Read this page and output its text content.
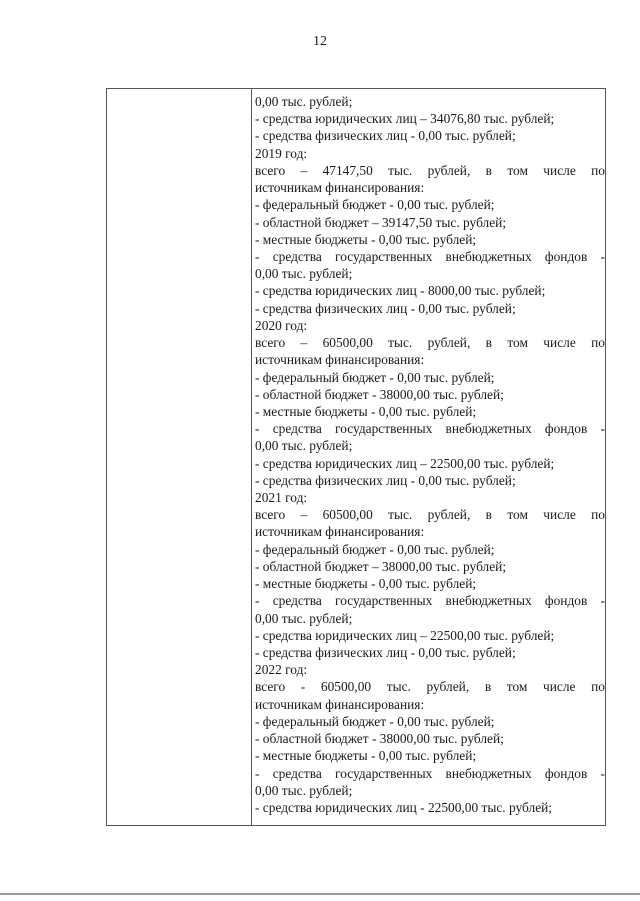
12
0,00 тыс. рублей;
- средства юридических лиц – 34076,80 тыс. рублей;
- средства физических лиц - 0,00 тыс. рублей;
2019 год:
всего – 47147,50 тыс. рублей, в том числе по
источникам финансирования:
- федеральный бюджет - 0,00 тыс. рублей;
- областной бюджет – 39147,50 тыс. рублей;
- местные бюджеты - 0,00 тыс. рублей;
- средства государственных внебюджетных фондов -
0,00 тыс. рублей;
- средства юридических лиц - 8000,00 тыс. рублей;
- средства физических лиц - 0,00 тыс. рублей;
2020 год:
всего – 60500,00 тыс. рублей, в том числе по
источникам финансирования:
- федеральный бюджет - 0,00 тыс. рублей;
- областной бюджет - 38000,00 тыс. рублей;
- местные бюджеты - 0,00 тыс. рублей;
- средства государственных внебюджетных фондов -
0,00 тыс. рублей;
- средства юридических лиц – 22500,00 тыс. рублей;
- средства физических лиц - 0,00 тыс. рублей;
2021 год:
всего – 60500,00 тыс. рублей, в том числе по
источникам финансирования:
- федеральный бюджет - 0,00 тыс. рублей;
- областной бюджет – 38000,00 тыс. рублей;
- местные бюджеты - 0,00 тыс. рублей;
- средства государственных внебюджетных фондов -
0,00 тыс. рублей;
- средства юридических лиц – 22500,00 тыс. рублей;
- средства физических лиц - 0,00 тыс. рублей;
2022 год:
всего - 60500,00 тыс. рублей, в том числе по
источникам финансирования:
- федеральный бюджет - 0,00 тыс. рублей;
- областной бюджет - 38000,00 тыс. рублей;
- местные бюджеты - 0,00 тыс. рублей;
- средства государственных внебюджетных фондов -
0,00 тыс. рублей;
- средства юридических лиц - 22500,00 тыс. рублей;
